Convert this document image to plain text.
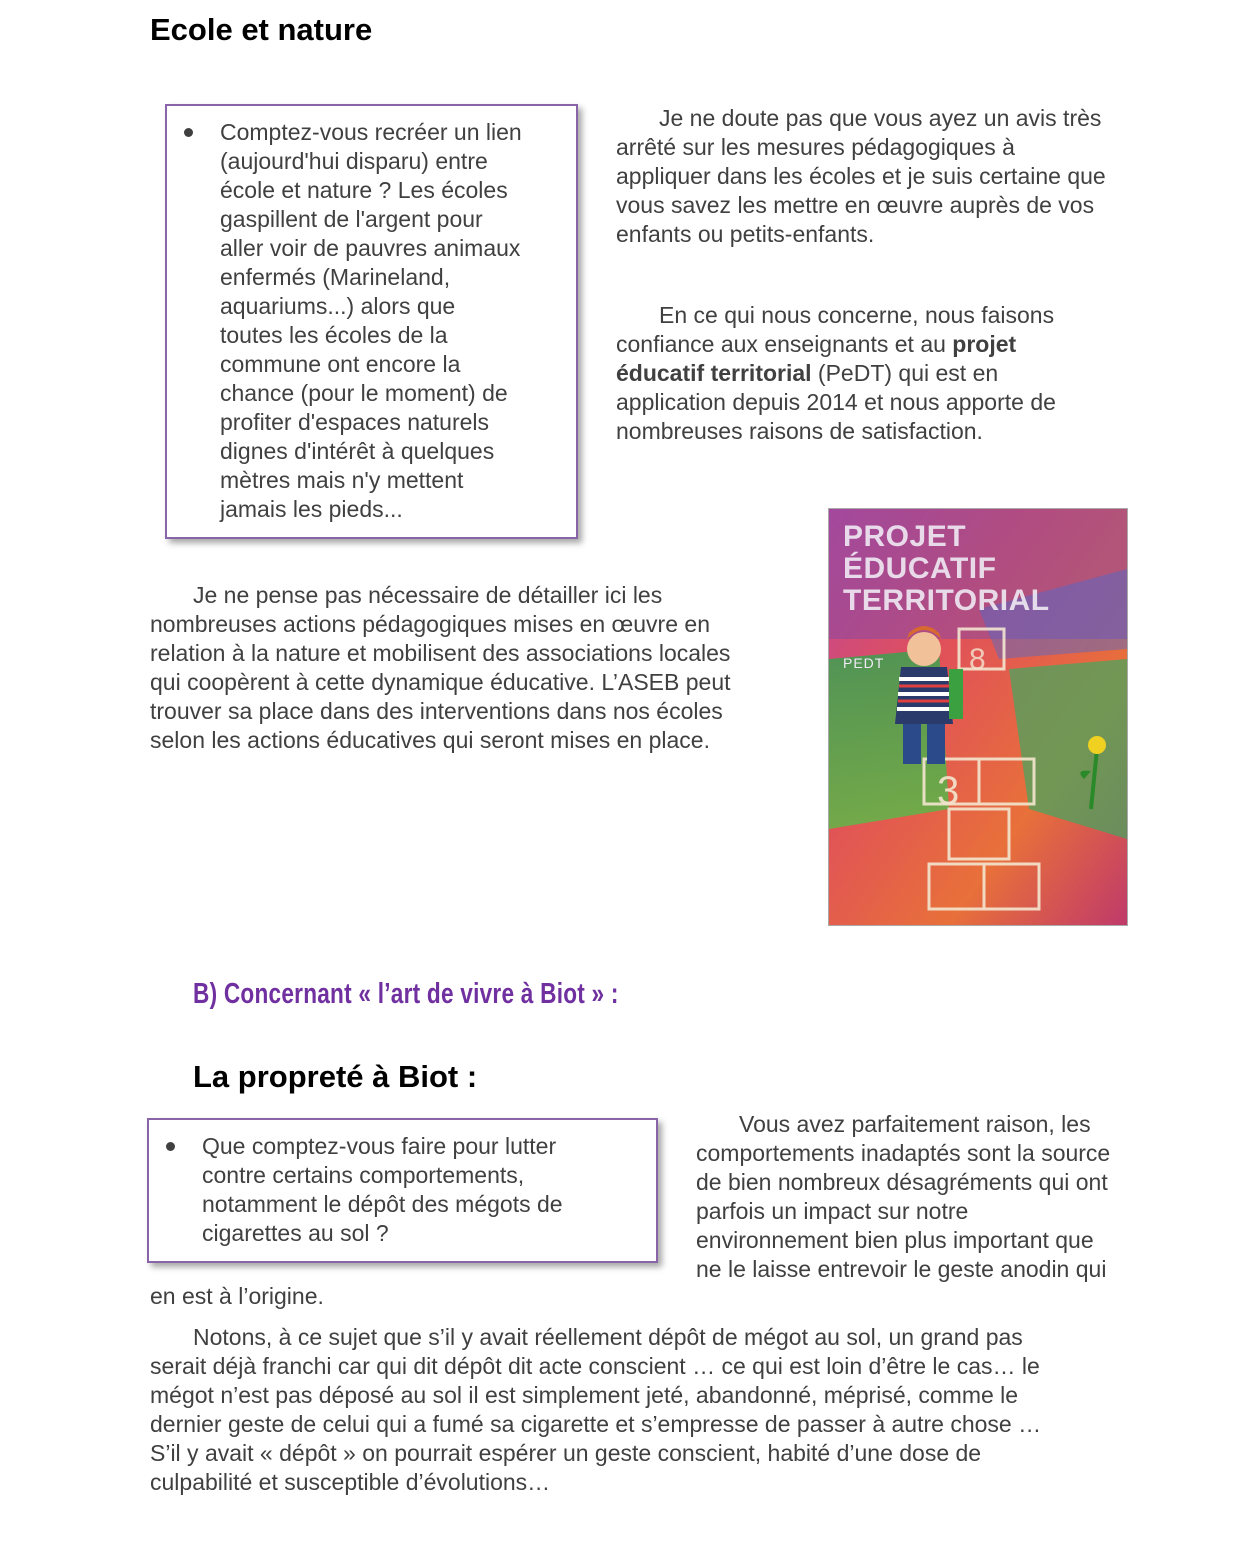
Ecole et nature
Comptez-vous recréer un lien
(aujourd'hui disparu) entre
école et nature ? Les écoles
gaspillent de l'argent pour
aller voir de pauvres animaux
enfermés (Marineland,
aquariums...) alors que
toutes les écoles de la
commune ont encore la
chance (pour le moment) de
profiter d'espaces naturels
dignes d'intérêt à quelques
mètres mais n'y mettent
jamais les pieds...
Je ne doute pas que vous ayez un avis très
arrêté sur les mesures pédagogiques à
appliquer dans les écoles et je suis certaine que
vous savez les mettre en œuvre auprès de vos
enfants ou petits-enfants.
En ce qui nous concerne, nous faisons
confiance aux enseignants et au projet
éducatif territorial (PeDT) qui est en
application depuis 2014 et nous apporte de
nombreuses raisons de satisfaction.
Je ne pense pas nécessaire de détailler ici les
nombreuses actions pédagogiques mises en œuvre en
relation à la nature et mobilisent des associations locales
qui coopèrent à cette dynamique éducative. L’ASEB peut
trouver sa place dans des interventions dans nos écoles
selon les actions éducatives qui seront mises en place.
3
8
PROJET
ÉDUCATIF
TERRITORIAL
PEDT
B) Concernant « l’art de vivre à Biot » :
La propreté à Biot :
Que comptez-vous faire pour lutter
contre certains comportements,
notamment le dépôt des mégots de
cigarettes au sol ?
Vous avez parfaitement raison, les
comportements inadaptés sont la source
de bien nombreux désagréments qui ont
parfois un impact sur notre
environnement bien plus important que
ne le laisse entrevoir le geste anodin qui
en est à l’origine.
Notons, à ce sujet que s’il y avait réellement dépôt de mégot au sol, un grand pas
serait déjà franchi car qui dit dépôt dit acte conscient … ce qui est loin d’être le cas… le
mégot n’est pas déposé au sol il est simplement jeté, abandonné, méprisé, comme le
dernier geste de celui qui a fumé sa cigarette et s’empresse de passer à autre chose …
S’il y avait « dépôt » on pourrait espérer un geste conscient, habité d’une dose de
culpabilité et susceptible d’évolutions…
